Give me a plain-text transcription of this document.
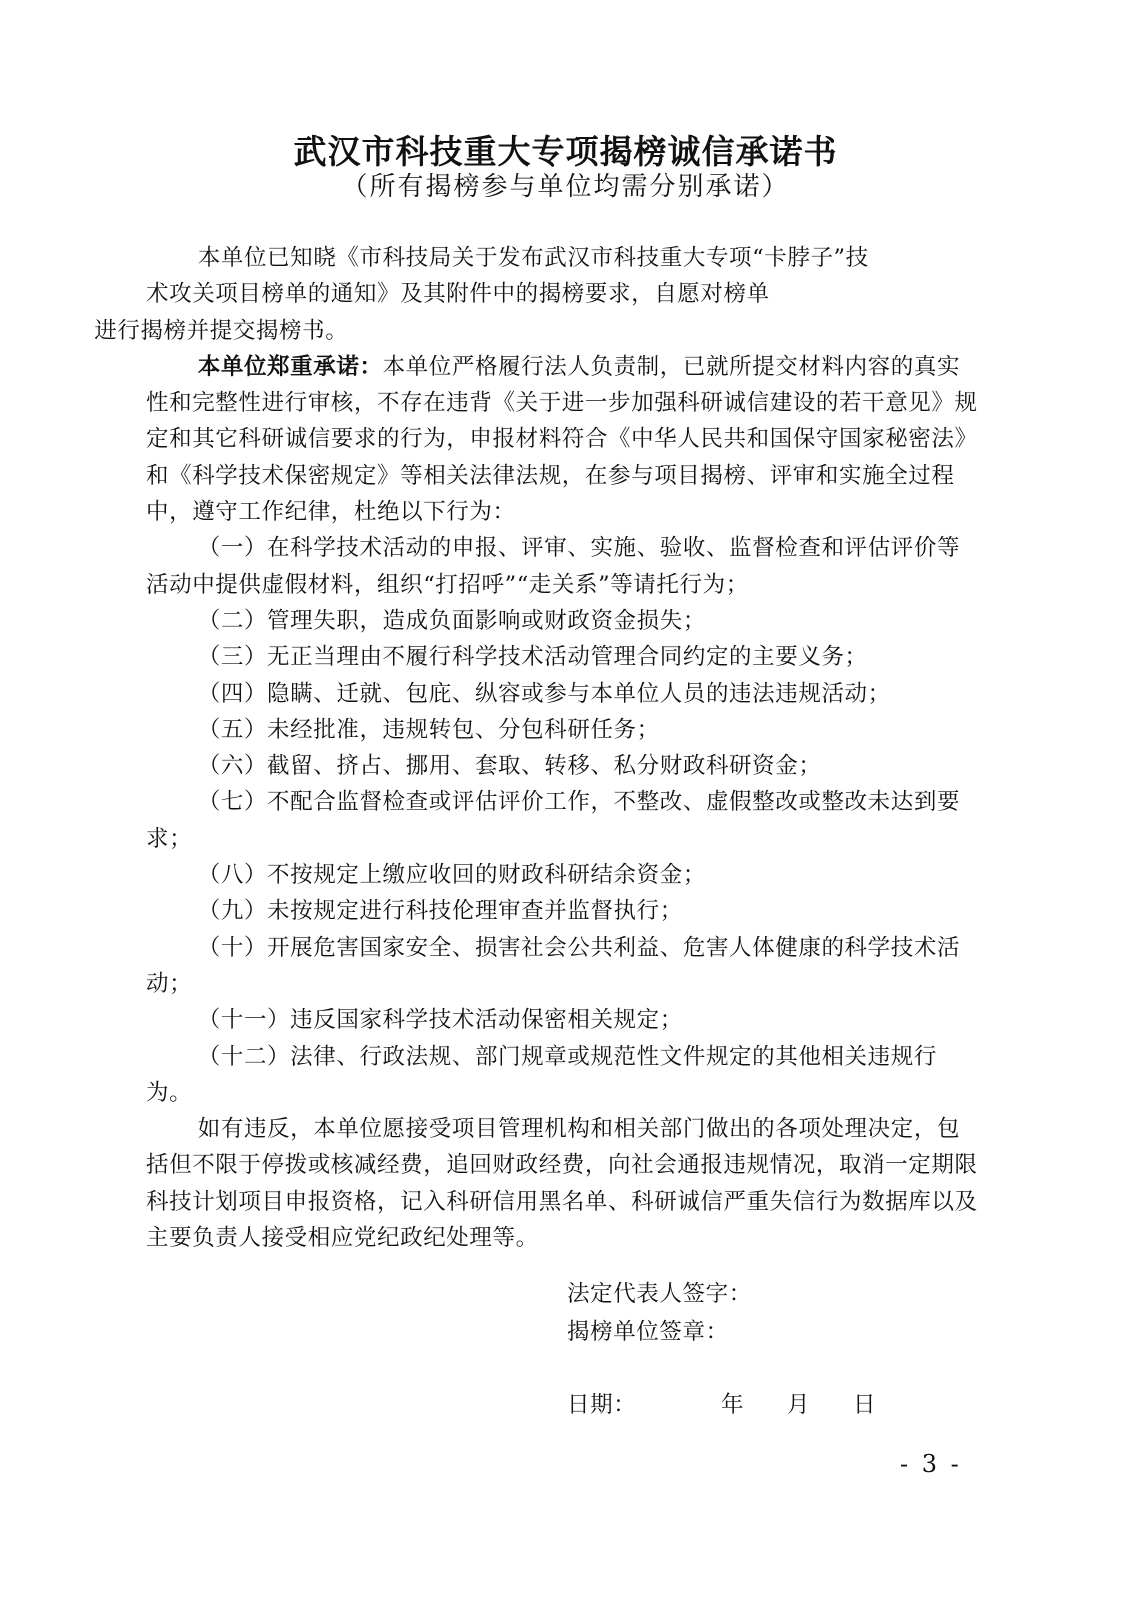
武汉市科技重大专项揭榜诚信承诺书
（所有揭榜参与单位均需分别承诺）

本单位已知晓《市科技局关于发布武汉市科技重大专项“卡脖子”技
术攻关项目榜单的通知》及其附件中的揭榜要求，自愿对榜单
进行揭榜并提交揭榜书。

本单位郑重承诺：本单位严格履行法人负责制，已就所提交材料内容的真实性和完整性进行审核，不存在违背《关于进一步加强科研诚信建设的若干意见》规定和其它科研诚信要求的行为，申报材料符合《中华人民共和国保守国家秘密法》和《科学技术保密规定》等相关法律法规，在参与项目揭榜、评审和实施全过程中，遵守工作纪律，杜绝以下行为：

（一）在科学技术活动的申报、评审、实施、验收、监督检查和评估评价等活动中提供虚假材料，组织“打招呼”“走关系”等请托行为；

（二）管理失职，造成负面影响或财政资金损失；

（三）无正当理由不履行科学技术活动管理合同约定的主要义务；

（四）隐瞒、迁就、包庇、纵容或参与本单位人员的违法违规活动；

（五）未经批准，违规转包、分包科研任务；

（六）截留、挤占、挪用、套取、转移、私分财政科研资金；

（七）不配合监督检查或评估评价工作，不整改、虚假整改或整改未达到要求；

（八）不按规定上缴应收回的财政科研结余资金；

（九）未按规定进行科技伦理审查并监督执行；

（十）开展危害国家安全、损害社会公共利益、危害人体健康的科学技术活动；

（十一）违反国家科学技术活动保密相关规定；

（十二）法律、行政法规、部门规章或规范性文件规定的其他相关违规行为。

如有违反，本单位愿接受项目管理机构和相关部门做出的各项处理决定，包括但不限于停拨或核减经费，追回财政经费，向社会通报违规情况，取消一定期限科技计划项目申报资格，记入科研信用黑名单、科研诚信严重失信行为数据库以及主要负责人接受相应党纪政纪处理等。

法定代表人签字：
揭榜单位签章：
日期：	年 月 日
- 3 -
